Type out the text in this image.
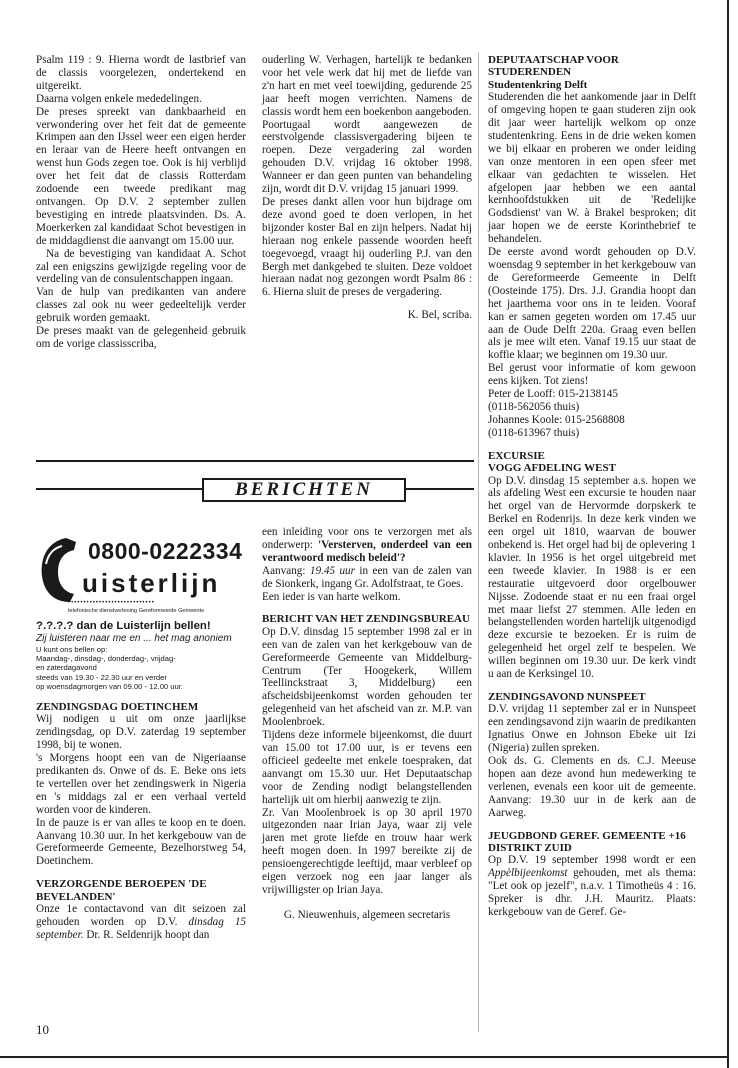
Psalm 119 : 9. Hierna wordt de lastbrief van de classis voorgelezen, ondertekend en uitgereikt.

Daarna volgen enkele mededelingen.

De preses spreekt van dankbaarheid en verwondering over het feit dat de gemeente Krimpen aan den IJssel weer een eigen herder en leraar van de Heere heeft ontvangen en wenst hun Gods zegen toe. Ook is hij verblijd over het feit dat de classis Rotterdam zodoende een tweede predikant mag ontvangen. Op D.V. 2 september zullen bevestiging en intrede plaatsvinden. Ds. A. Moerkerken zal kandidaat Schot bevestigen in de middagdienst die aanvangt om 15.00 uur.

Na de bevestiging van kandidaat A. Schot zal een enigszins gewijzigde regeling voor de verdeling van de consulentschappen ingaan.

Van de hulp van predikanten van andere classes zal ook nu weer gedeeltelijk verder gebruik worden gemaakt.

De preses maakt van de gelegenheid gebruik om de vorige classisscriba,

ouderling W. Verhagen, hartelijk te bedanken voor het vele werk dat hij met de liefde van z'n hart en met veel toewijding, gedurende 25 jaar heeft mogen verrichten. Namens de classis wordt hem een boekenbon aangeboden.

Poortugaal wordt aangewezen de eerstvolgende classisvergadering bijeen te roepen. Deze vergadering zal worden gehouden D.V. vrijdag 16 oktober 1998. Wanneer er dan geen punten van behandeling zijn, wordt dit D.V. vrijdag 15 januari 1999.

De preses dankt allen voor hun bijdrage om deze avond goed te doen verlopen, in het bijzonder koster Bal en zijn helpers. Nadat hij hieraan nog enkele passende woorden heeft toegevoegd, vraagt hij ouderling P.J. van den Bergh met dankgebed te sluiten. Deze voldoet hieraan nadat nog gezongen wordt Psalm 86 : 6. Hierna sluit de preses de vergadering.

K. Bel, scriba.

BERICHTEN
0800-0222334
uisterlijn
••••••••••••••••••••••••••••
telefonische dienstverlening Gereformeerde Gemeente

?.?.?.? dan de Luisterlijn bellen!

Zij luisteren naar me en ... het mag anoniem

U kunt ons bellen op:

Maandag-, dinsdag-, donderdag-, vrijdag-

en zaterdagavond

steeds van 19.30 - 22.30 uur en verder

op woensdagmorgen van 09.00 - 12.00 uur.

ZENDINGSDAG DOETINCHEM

Wij nodigen u uit om onze jaarlijkse zendingsdag, op D.V. zaterdag 19 september 1998, bij te wonen.

's Morgens hoopt een van de Nigeriaanse predikanten ds. Onwe of ds. E. Beke ons iets te vertellen over het zendingswerk in Nigeria en 's middags zal er een verhaal verteld worden voor de kinderen.

In de pauze is er van alles te koop en te doen. Aanvang 10.30 uur. In het kerkgebouw van de Gereformeerde Gemeente, Bezelhorstweg 54, Doetinchem.

VERZORGENDE BEROEPEN 'DE BEVELANDEN'

Onze 1e contactavond van dit seizoen zal gehouden worden op D.V. dinsdag 15 september. Dr. R. Seldenrijk hoopt dan

een inleiding voor ons te verzorgen met als onderwerp: 'Versterven, onderdeel van een verantwoord medisch beleid'?

Aanvang: 19.45 uur in een van de zalen van de Sionkerk, ingang Gr. Adolfstraat, te Goes.

Een ieder is van harte welkom.

BERICHT VAN HET ZENDINGSBUREAU

Op D.V. dinsdag 15 september 1998 zal er in een van de zalen van het kerkgebouw van de Gereformeerde Gemeente van Middelburg-Centrum (Ter Hoogekerk, Willem Teellinckstraat 3, Middelburg) een afscheidsbijeenkomst worden gehouden ter gelegenheid van het afscheid van zr. M.P. van Moolenbroek.

Tijdens deze informele bijeenkomst, die duurt van 15.00 tot 17.00 uur, is er tevens een officieel gedeelte met enkele toespraken, dat aanvangt om 15.30 uur. Het Deputaatschap voor de Zending nodigt belangstellenden hartelijk uit om hierbij aanwezig te zijn.

Zr. Van Moolenbroek is op 30 april 1970 uitgezonden naar Irian Jaya, waar zij vele jaren met grote liefde en trouw haar werk heeft mogen doen. In 1997 bereikte zij de pensioengerechtigde leeftijd, maar verbleef op eigen verzoek nog een jaar langer als vrijwilligster op Irian Jaya.

G. Nieuwenhuis, algemeen secretaris

DEPUTAATSCHAP VOOR STUDERENDEN
Studentenkring Delft

Studerenden die het aankomende jaar in Delft of omgeving hopen te gaan studeren zijn ook dit jaar weer hartelijk welkom op onze studentenkring. Eens in de drie weken komen we bij elkaar en proberen we onder leiding van onze mentoren in een open sfeer met elkaar van gedachten te wisselen. Het afgelopen jaar hebben we een aantal kernhoofdstukken uit de 'Redelijke Godsdienst' van W. à Brakel besproken; dit jaar hopen we de eerste Korinthebrief te behandelen.

De eerste avond wordt gehouden op D.V. woensdag 9 september in het kerkgebouw van de Gereformeerde Gemeente in Delft (Oosteinde 175). Drs. J.J. Grandia hoopt dan het jaarthema voor ons in te leiden. Vooraf kan er samen gegeten worden om 17.45 uur aan de Oude Delft 220a. Graag even bellen als je mee wilt eten. Vanaf 19.15 uur staat de koffie klaar; we beginnen om 19.30 uur.

Bel gerust voor informatie of kom gewoon eens kijken. Tot ziens!

Peter de Looff: 015-2138145

(0118-562056 thuis)

Johannes Koole: 015-2568808

(0118-613967 thuis)

EXCURSIE
VOGG AFDELING WEST

Op D.V. dinsdag 15 september a.s. hopen we als afdeling West een excursie te houden naar het orgel van de Hervormde dorpskerk te Berkel en Rodenrijs. In deze kerk vinden we een orgel uit 1810, waarvan de bouwer onbekend is. Het orgel had bij de oplevering 1 klavier. In 1956 is het orgel uitgebreid met een tweede klavier. In 1988 is er een restauratie uitgevoerd door orgelbouwer Nijsse. Zodoende staat er nu een fraai orgel met maar liefst 27 stemmen. Alle leden en belangstellenden worden hartelijk uitgenodigd deze excursie te bezoeken. Er is ruim de gelegenheid het orgel zelf te bespelen. We willen beginnen om 19.30 uur. De kerk vindt u aan de Kerksingel 10.

ZENDINGSAVOND NUNSPEET

D.V. vrijdag 11 september zal er in Nunspeet een zendingsavond zijn waarin de predikanten Ignatius Onwe en Johnson Ebeke uit Izi (Nigeria) zullen spreken.

Ook ds. G. Clements en ds. C.J. Meeuse hopen aan deze avond hun medewerking te verlenen, evenals een koor uit de gemeente. Aanvang: 19.30 uur in de kerk aan de Aarweg.

JEUGDBOND GEREF. GEMEENTE +16 DISTRIKT ZUID

Op D.V. 19 september 1998 wordt er een Appèlbijeenkomst gehouden, met als thema: "Let ook op jezelf", n.a.v. 1 Timotheüs 4 : 16. Spreker is dhr. J.H. Mauritz. Plaats: kerkgebouw van de Geref. Ge-

10
